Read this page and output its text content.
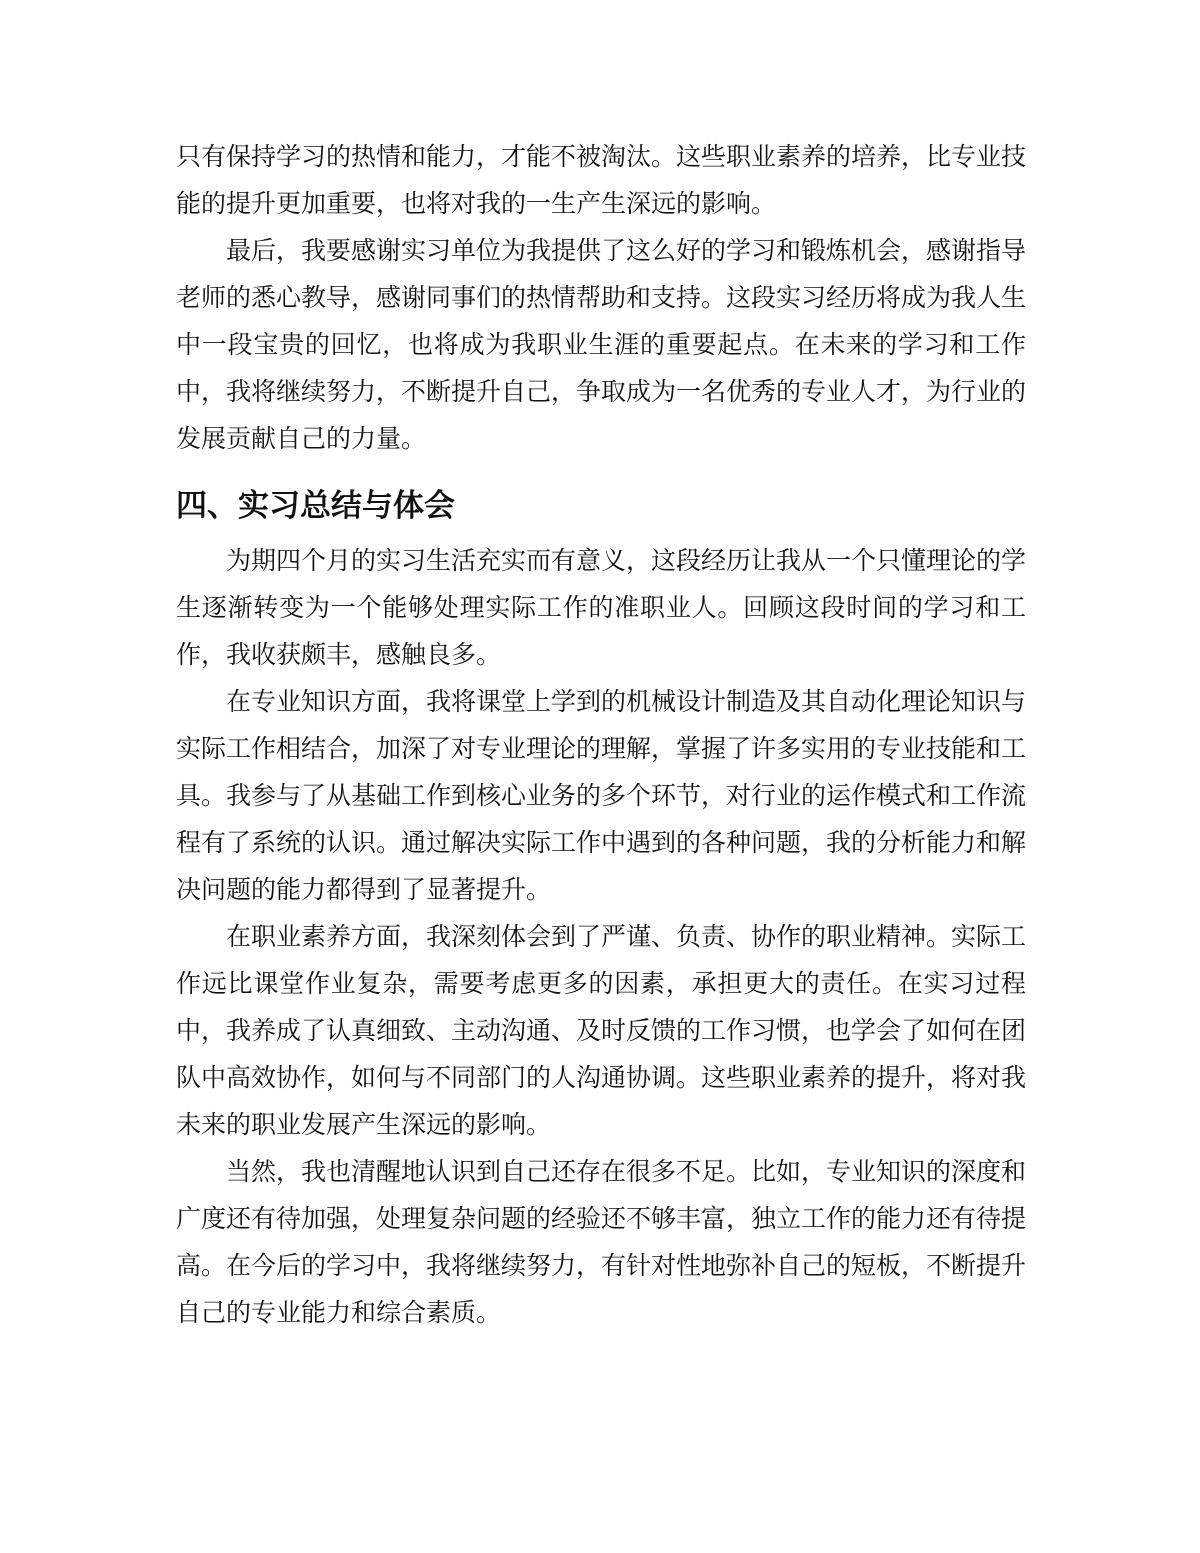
只有保持学习的热情和能力，才能不被淘汰。这些职业素养的培养，比专业技能的提升更加重要，也将对我的一生产生深远的影响。

最后，我要感谢实习单位为我提供了这么好的学习和锻炼机会，感谢指导老师的悉心教导，感谢同事们的热情帮助和支持。这段实习经历将成为我人生中一段宝贵的回忆，也将成为我职业生涯的重要起点。在未来的学习和工作中，我将继续努力，不断提升自己，争取成为一名优秀的专业人才，为行业的发展贡献自己的力量。

四、实习总结与体会

为期四个月的实习生活充实而有意义，这段经历让我从一个只懂理论的学生逐渐转变为一个能够处理实际工作的准职业人。回顾这段时间的学习和工作，我收获颇丰，感触良多。

在专业知识方面，我将课堂上学到的机械设计制造及其自动化理论知识与实际工作相结合，加深了对专业理论的理解，掌握了许多实用的专业技能和工具。我参与了从基础工作到核心业务的多个环节，对行业的运作模式和工作流程有了系统的认识。通过解决实际工作中遇到的各种问题，我的分析能力和解决问题的能力都得到了显著提升。

在职业素养方面，我深刻体会到了严谨、负责、协作的职业精神。实际工作远比课堂作业复杂，需要考虑更多的因素，承担更大的责任。在实习过程中，我养成了认真细致、主动沟通、及时反馈的工作习惯，也学会了如何在团队中高效协作，如何与不同部门的人沟通协调。这些职业素养的提升，将对我未来的职业发展产生深远的影响。

当然，我也清醒地认识到自己还存在很多不足。比如，专业知识的深度和广度还有待加强，处理复杂问题的经验还不够丰富，独立工作的能力还有待提高。在今后的学习中，我将继续努力，有针对性地弥补自己的短板，不断提升自己的专业能力和综合素质。
